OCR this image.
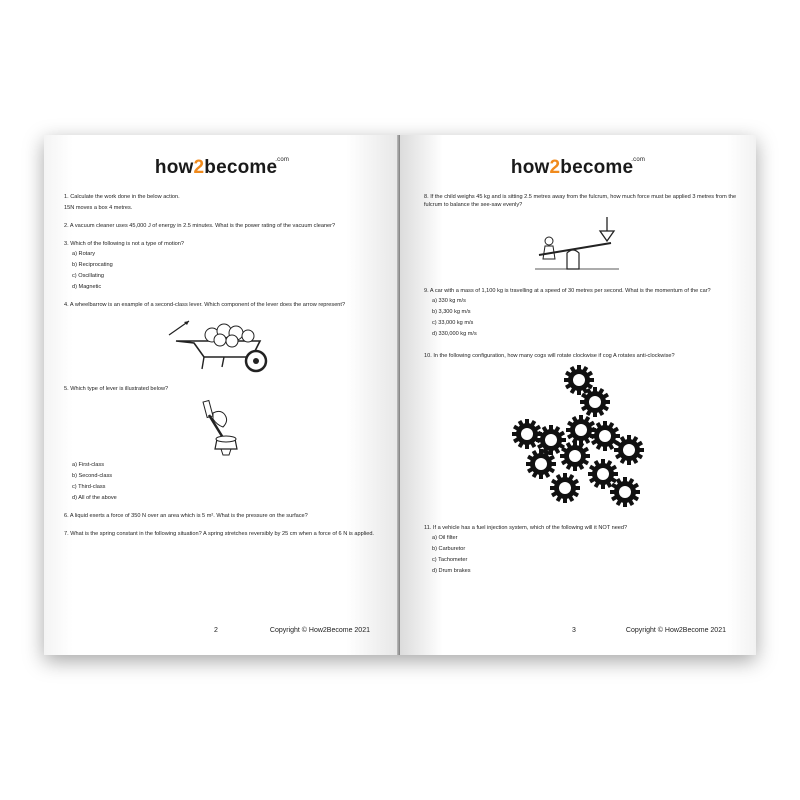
how2become$^{.com}$

1. Calculate the work done in the below action.

15N moves a box 4 metres.

2. A vacuum cleaner uses 45,000 J of energy in 2.5 minutes. What is the power rating of the vacuum cleaner?

3. Which of the following is not a type of motion?

a) Rotary
b) Reciprocating
c) Oscillating
d) Magnetic

4. A wheelbarrow is an example of a second-class lever. Which component of the lever does the arrow represent?

5. Which type of lever is illustrated below?

a) First-class
b) Second-class
c) Third-class
d) All of the above

6. A liquid exerts a force of 350 N over an area which is 5 m². What is the pressure on the surface?

7. What is the spring constant in the following situation? A spring stretches reversibly by 25 cm when a force of 6 N is applied.

2	Copyright © How2Become 2021
how2become$^{.com}$

8. If the child weighs 45 kg and is sitting 2.5 metres away from the fulcrum, how much force must be applied 3 metres from the fulcrum to balance the see-saw evenly?

9. A car with a mass of 1,100 kg is travelling at a speed of 30 metres per second. What is the momentum of the car?

a) 330 kg m/s
b) 3,300 kg m/s
c) 33,000 kg m/s
d) 330,000 kg m/s

10. In the following configuration, how many cogs will rotate clockwise if cog A rotates anti-clockwise?

11. If a vehicle has a fuel injection system, which of the following will it NOT need?

a) Oil filter
b) Carburetor
c) Tachometer
d) Drum brakes
3	Copyright © How2Become 2021
